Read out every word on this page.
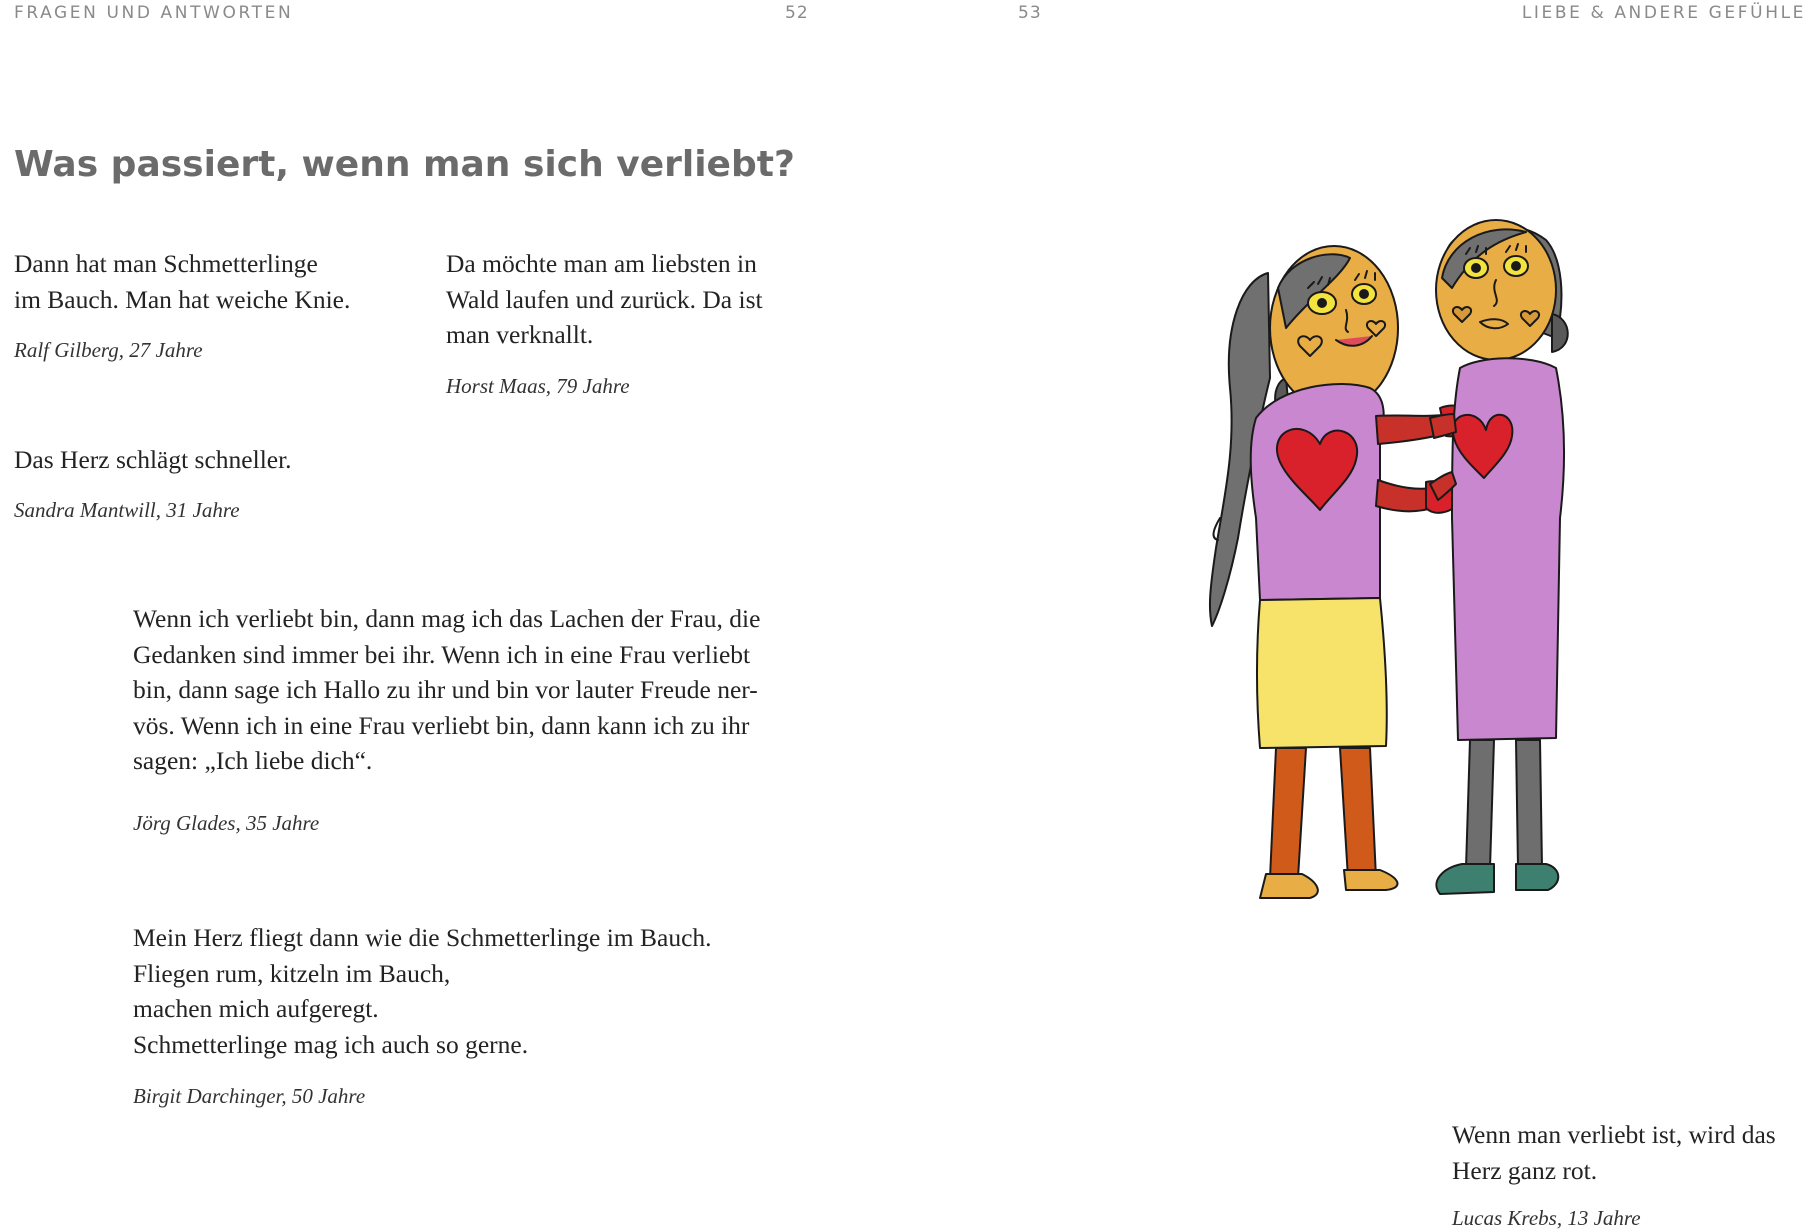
FRAGEN UND ANTWORTEN	52	53	LIEBE & ANDERE GEFÜHLE
Was passiert, wenn man sich verliebt?

Dann hat man Schmetterlinge
im Bauch. Man hat weiche Knie.

Ralf Gilberg, 27 Jahre

Da möchte man am liebsten in
Wald laufen und zurück. Da ist
man verknallt.

Horst Maas, 79 Jahre

Das Herz schlägt schneller.

Sandra Mantwill, 31 Jahre

Wenn ich verliebt bin, dann mag ich das Lachen der Frau, die
Gedanken sind immer bei ihr. Wenn ich in eine Frau verliebt
bin, dann sage ich Hallo zu ihr und bin vor lauter Freude ner-
vös. Wenn ich in eine Frau verliebt bin, dann kann ich zu ihr
sagen: „Ich liebe dich“.

Jörg Glades, 35 Jahre

Mein Herz fliegt dann wie die Schmetterlinge im Bauch.
Fliegen rum, kitzeln im Bauch,
machen mich aufgeregt.
Schmetterlinge mag ich auch so gerne.

Birgit Darchinger, 50 Jahre

Wenn man verliebt ist, wird das
Herz ganz rot.

Lucas Krebs, 13 Jahre
